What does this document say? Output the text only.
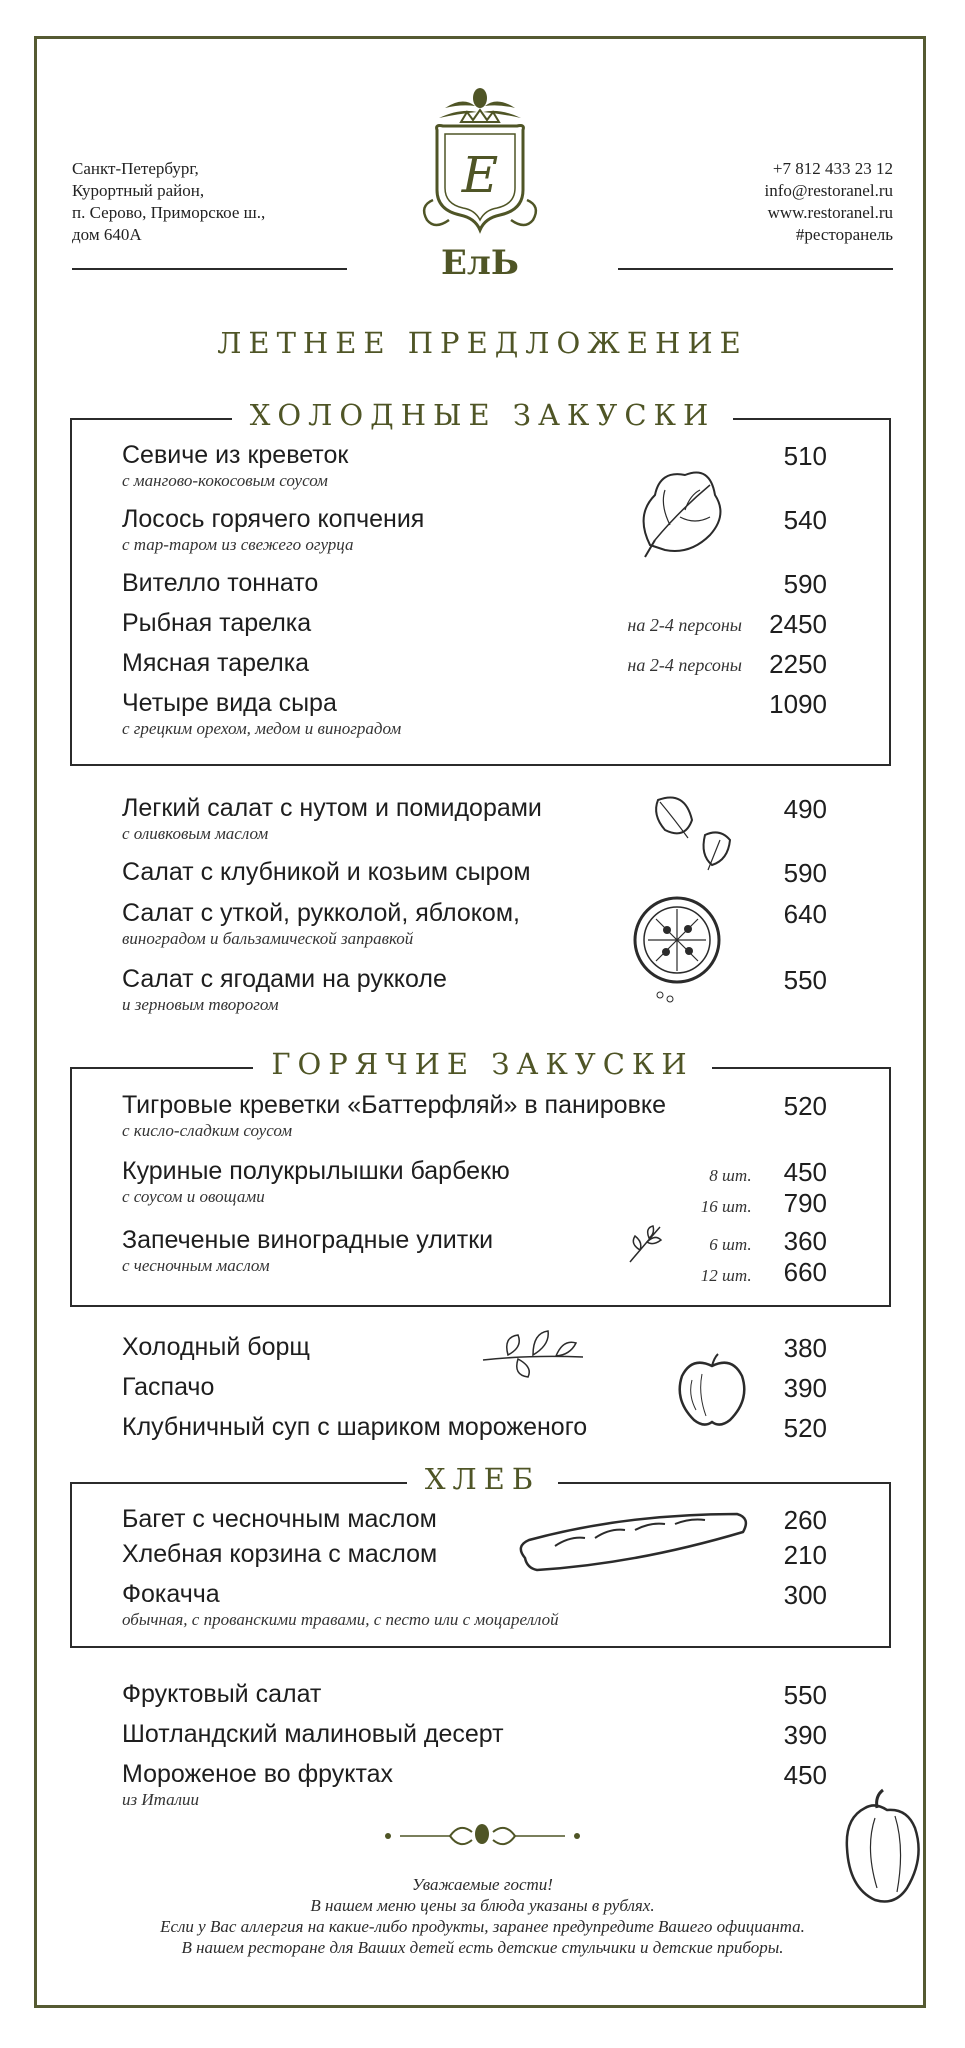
Санкт-Петербург,
Курортный район,
п. Серово, Приморское ш.,
дом 640А
+7 812 433 23 12
info@restoranel.ru
www.restoranel.ru
#ресторанель
Е
ЕлЬ
ЛЕТНЕЕ ПРЕДЛОЖЕНИЕ
ХОЛОДНЫЕ ЗАКУСКИ
Севиче из креветок
с мангово-кокосовым соусом
510
Лосось горячего копчения
с тар-таром из свежего огурца
540
Вителло тоннато	590
Рыбная тарелка	на 2-4 персоны 2450
Мясная тарелка	на 2-4 персоны 2250
Четыре вида сыра
с грецким орехом, медом и виноградом
1090
Легкий салат с нутом и помидорами
с оливковым маслом
490
Салат с клубникой и козьим сыром	590
Салат с уткой, рукколой, яблоком,
виноградом и бальзамической заправкой
640
Салат с ягодами на рукколе
и зерновым творогом
550
ГОРЯЧИЕ ЗАКУСКИ
Тигровые креветки «Баттерфляй» в панировке
с кисло-сладким соусом
520
Куриные полукрылышки барбекю
с соусом и овощами
8 шт. 450
16 шт. 790
Запеченые виноградные улитки
с чесночным маслом
6 шт. 360
12 шт. 660
Холодный борщ	380
Гаспачо	390
Клубничный суп с шариком мороженого	520
ХЛЕБ
Багет с чесночным маслом	260
Хлебная корзина с маслом	210
Фокачча
обычная, с прованскими травами, с песто или с моцареллой
300
Фруктовый салат	550
Шотландский малиновый десерт	390
Мороженое во фруктах
из Италии
450
Уважаемые гости!
В нашем меню цены за блюда указаны в рублях.
Если у Вас аллергия на какие-либо продукты, заранее предупредите Вашего официанта.
В нашем ресторане для Ваших детей есть детские стульчики и детские приборы.
